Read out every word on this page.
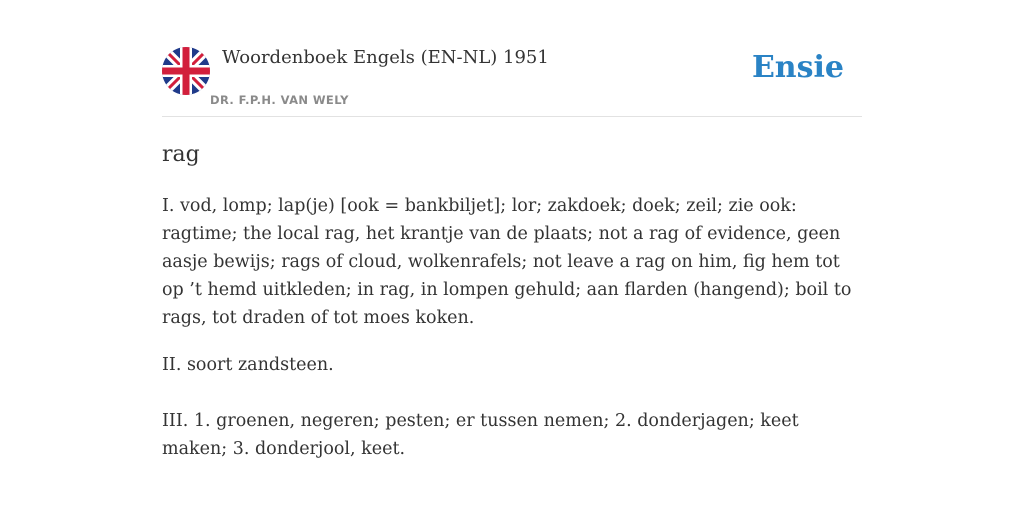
Woordenboek Engels (EN-NL) 1951
DR. F.P.H. VAN WELY
Ensie
rag

I. vod, lomp; lap(je) [ook = bankbiljet]; lor; zakdoek; doek; zeil; zie ook: ragtime; the local rag, het krantje van de plaats; not a rag of evidence, geen aasje bewijs; rags of cloud, wolkenrafels; not leave a rag on him, fig hem tot op ’t hemd uitkleden; in rag, in lompen gehuld; aan flarden (hangend); boil to rags, tot draden of tot moes koken.

II. soort zandsteen.

III. 1. groenen, negeren; pesten; er tussen nemen; 2. donderjagen; keet maken; 3. donderjool, keet.
